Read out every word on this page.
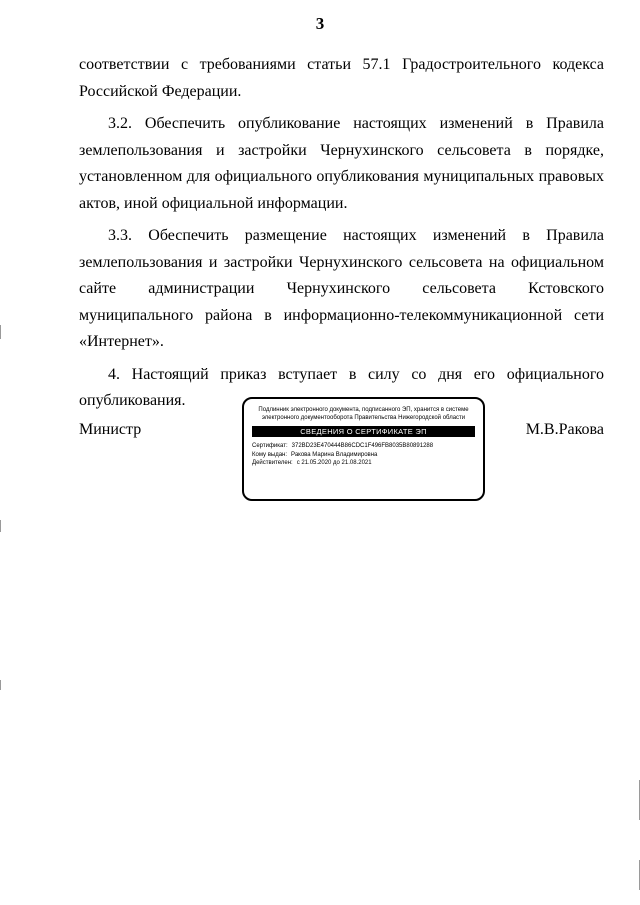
3

соответствии с требованиями статьи 57.1 Градостроительного кодекса Российской Федерации.

3.2. Обеспечить опубликование настоящих изменений в Правила землепользования и застройки Чернухинского сельсовета в порядке, установленном для официального опубликования муниципальных правовых актов, иной официальной информации.

3.3. Обеспечить размещение настоящих изменений в Правила землепользования и застройки Чернухинского сельсовета на официальном сайте администрации Чернухинского сельсовета Кстовского муниципального района в информационно-телекоммуникационной сети «Интернет».

4. Настоящий приказ вступает в силу со дня его официального опубликования.

Министр
Подлинник электронного документа, подписанного ЭП, хранится в системе электронного документооборота Правительства Нижегородской области
СВЕДЕНИЯ О СЕРТИФИКАТЕ ЭП
Сертификат: 372BD23E470444B86CDC1F496FB8035B80891288
Кому выдан: Ракова Марина Владимировна
Действителен: с 21.05.2020 до 21.08.2021
М.В.Ракова
